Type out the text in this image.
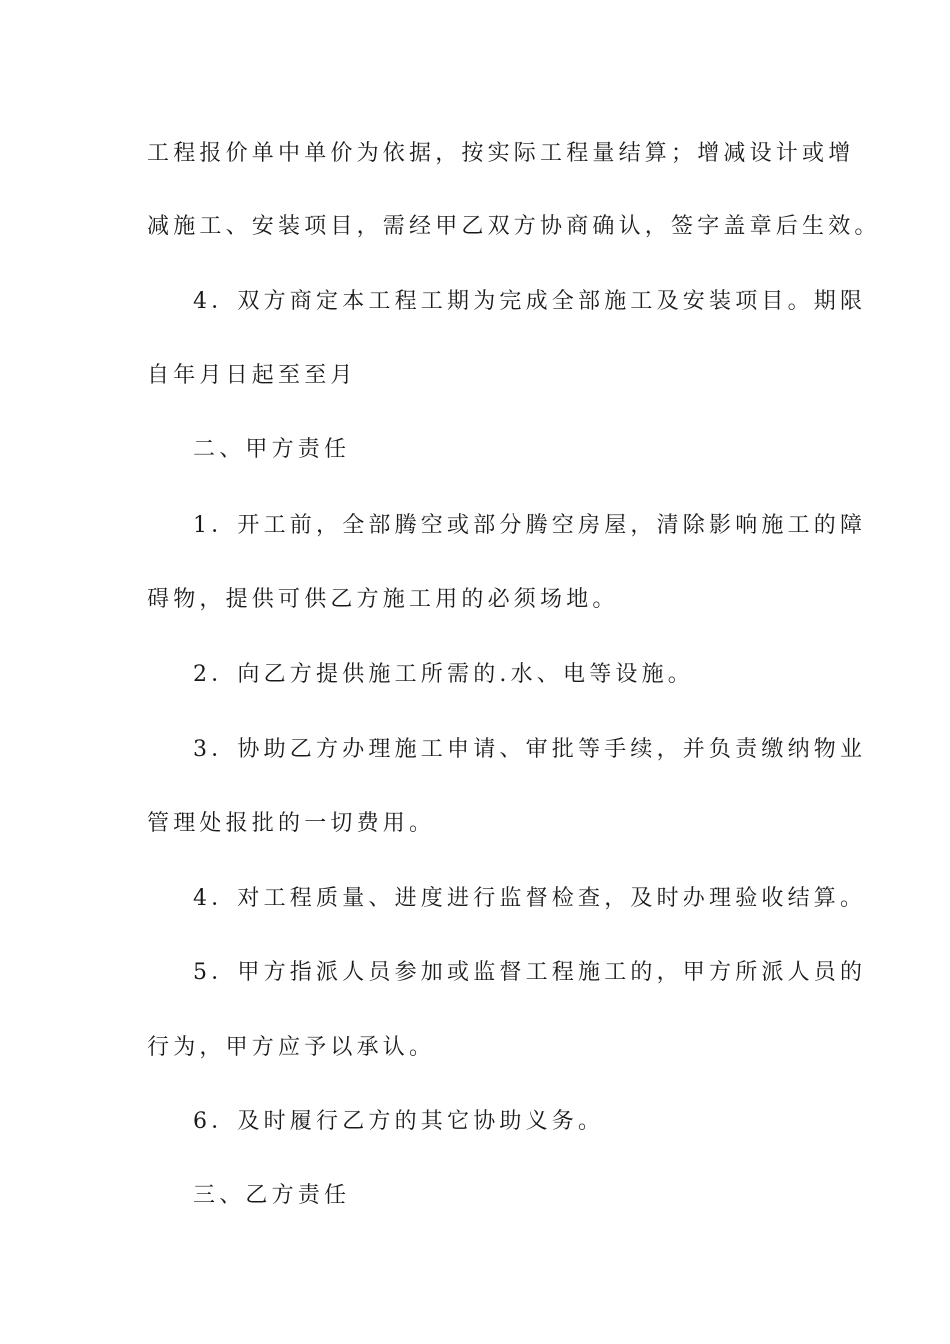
工程报价单中单价为依据，按实际工程量结算；增减设计或增
减施工、安装项目，需经甲乙双方协商确认，签字盖章后生效。
4．双方商定本工程工期为完成全部施工及安装项目。期限
自年月日起至至月
二、甲方责任
1．开工前，全部腾空或部分腾空房屋，清除影响施工的障
碍物，提供可供乙方施工用的必须场地。
2．向乙方提供施工所需的.水、电等设施。
3．协助乙方办理施工申请、审批等手续，并负责缴纳物业
管理处报批的一切费用。
4．对工程质量、进度进行监督检查，及时办理验收结算。
5．甲方指派人员参加或监督工程施工的，甲方所派人员的
行为，甲方应予以承认。
6．及时履行乙方的其它协助义务。
三、乙方责任
